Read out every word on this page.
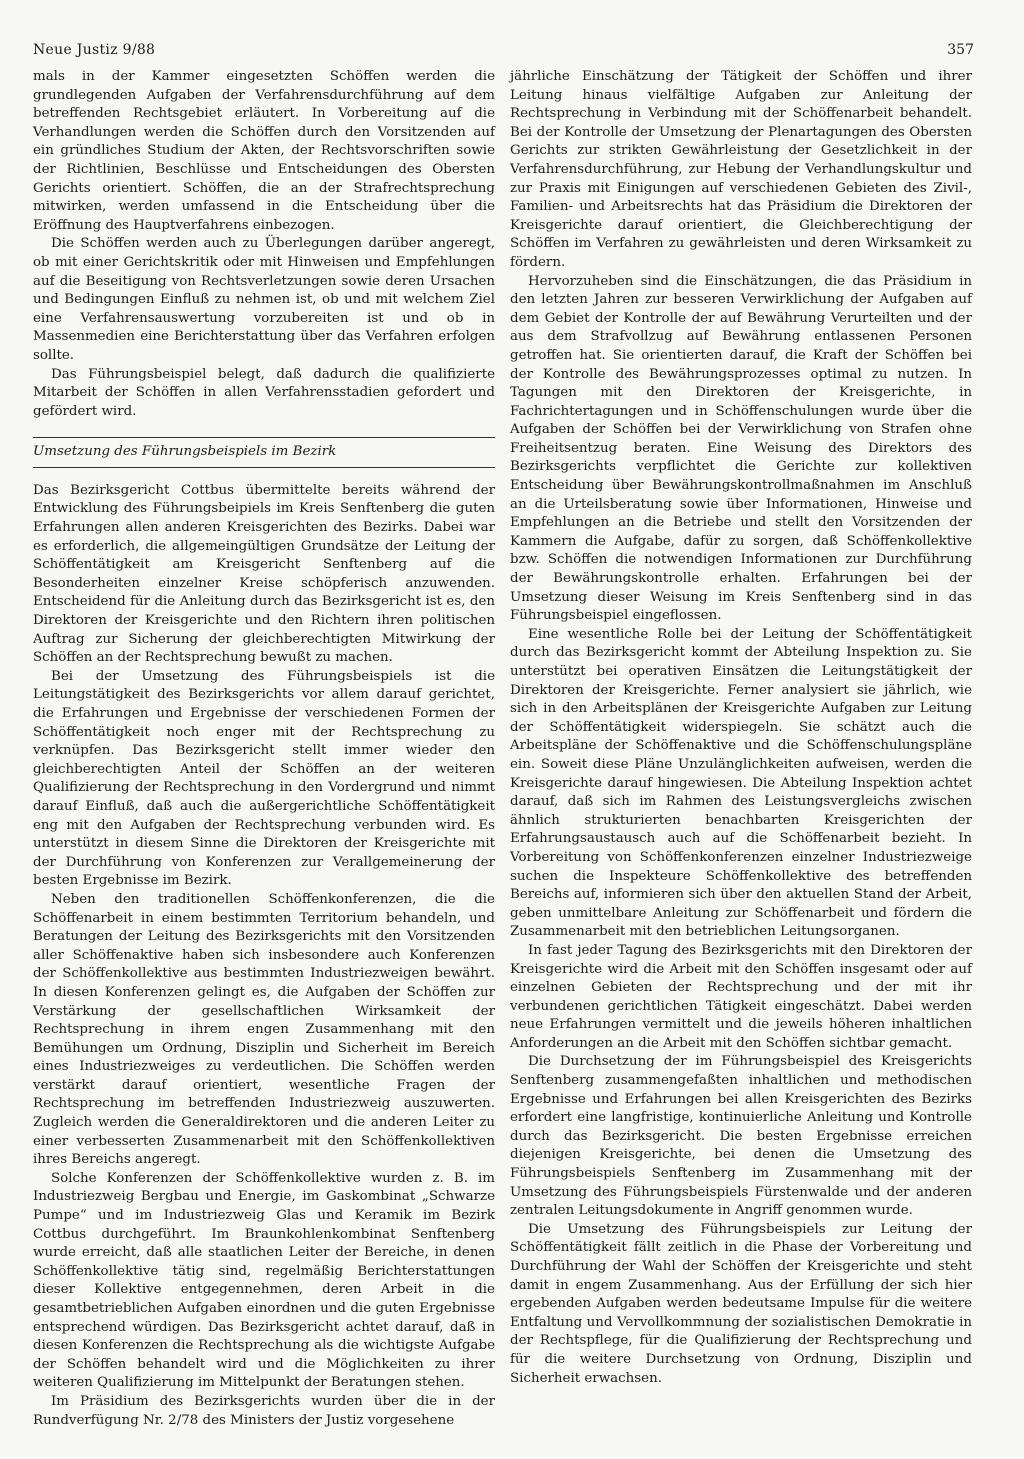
Neue Justiz 9/88	357

mals in der Kammer eingesetzten Schöffen werden die grundlegenden Aufgaben der Verfahrensdurchführung auf dem betreffenden Rechtsgebiet erläutert. In Vorbereitung auf die Verhandlungen werden die Schöffen durch den Vorsitzenden auf ein gründliches Studium der Akten, der Rechtsvorschriften sowie der Richtlinien, Beschlüsse und Entscheidungen des Obersten Gerichts orientiert. Schöffen, die an der Strafrechtsprechung mitwirken, werden umfassend in die Entscheidung über die Eröffnung des Hauptverfahrens einbezogen.

Die Schöffen werden auch zu Überlegungen darüber angeregt, ob mit einer Gerichtskritik oder mit Hinweisen und Empfehlungen auf die Beseitigung von Rechtsverletzungen sowie deren Ursachen und Bedingungen Einfluß zu nehmen ist, ob und mit welchem Ziel eine Verfahrensauswertung vorzubereiten ist und ob in Massenmedien eine Berichterstattung über das Verfahren erfolgen sollte.

Das Führungsbeispiel belegt, daß dadurch die qualifizierte Mitarbeit der Schöffen in allen Verfahrensstadien gefordert und gefördert wird.

Umsetzung des Führungsbeispiels im Bezirk

Das Bezirksgericht Cottbus übermittelte bereits während der Entwicklung des Führungsbeipiels im Kreis Senftenberg die guten Erfahrungen allen anderen Kreisgerichten des Bezirks. Dabei war es erforderlich, die allgemeingültigen Grundsätze der Leitung der Schöffentätigkeit am Kreisgericht Senftenberg auf die Besonderheiten einzelner Kreise schöpferisch anzuwenden. Entscheidend für die Anleitung durch das Bezirksgericht ist es, den Direktoren der Kreisgerichte und den Richtern ihren politischen Auftrag zur Sicherung der gleichberechtigten Mitwirkung der Schöffen an der Rechtsprechung bewußt zu machen.

Bei der Umsetzung des Führungsbeispiels ist die Leitungstätigkeit des Bezirksgerichts vor allem darauf gerichtet, die Erfahrungen und Ergebnisse der verschiedenen Formen der Schöffentätigkeit noch enger mit der Rechtsprechung zu verknüpfen. Das Bezirksgericht stellt immer wieder den gleichberechtigten Anteil der Schöffen an der weiteren Qualifizierung der Rechtsprechung in den Vordergrund und nimmt darauf Einfluß, daß auch die außergerichtliche Schöffentätigkeit eng mit den Aufgaben der Rechtsprechung verbunden wird. Es unterstützt in diesem Sinne die Direktoren der Kreisgerichte mit der Durchführung von Konferenzen zur Verallgemeinerung der besten Ergebnisse im Bezirk.

Neben den traditionellen Schöffenkonferenzen, die die Schöffenarbeit in einem bestimmten Territorium behandeln, und Beratungen der Leitung des Bezirksgerichts mit den Vorsitzenden aller Schöffenaktive haben sich insbesondere auch Konferenzen der Schöffenkollektive aus bestimmten Industriezweigen bewährt. In diesen Konferenzen gelingt es, die Aufgaben der Schöffen zur Verstärkung der gesellschaftlichen Wirksamkeit der Rechtsprechung in ihrem engen Zusammenhang mit den Bemühungen um Ordnung, Disziplin und Sicherheit im Bereich eines Industriezweiges zu verdeutlichen. Die Schöffen werden verstärkt darauf orientiert, wesentliche Fragen der Rechtsprechung im betreffenden Industriezweig auszuwerten. Zugleich werden die Generaldirektoren und die anderen Leiter zu einer verbesserten Zusammenarbeit mit den Schöffenkollektiven ihres Bereichs angeregt.

Solche Konferenzen der Schöffenkollektive wurden z. B. im Industriezweig Bergbau und Energie, im Gaskombinat „Schwarze Pumpe“ und im Industriezweig Glas und Keramik im Bezirk Cottbus durchgeführt. Im Braunkohlenkombinat Senftenberg wurde erreicht, daß alle staatlichen Leiter der Bereiche, in denen Schöffenkollektive tätig sind, regelmäßig Berichterstattungen dieser Kollektive entgegennehmen, deren Arbeit in die gesamtbetrieblichen Aufgaben einordnen und die guten Ergebnisse entsprechend würdigen. Das Bezirksgericht achtet darauf, daß in diesen Konferenzen die Rechtsprechung als die wichtigste Aufgabe der Schöffen behandelt wird und die Möglichkeiten zu ihrer weiteren Qualifizierung im Mittelpunkt der Beratungen stehen.

Im Präsidium des Bezirksgerichts wurden über die in der Rundverfügung Nr. 2/78 des Ministers der Justiz vorgesehene

jährliche Einschätzung der Tätigkeit der Schöffen und ihrer Leitung hinaus vielfältige Aufgaben zur Anleitung der Rechtsprechung in Verbindung mit der Schöffenarbeit behandelt. Bei der Kontrolle der Umsetzung der Plenartagungen des Obersten Gerichts zur strikten Gewährleistung der Gesetzlichkeit in der Verfahrensdurchführung, zur Hebung der Verhandlungskultur und zur Praxis mit Einigungen auf verschiedenen Gebieten des Zivil-, Familien- und Arbeitsrechts hat das Präsidium die Direktoren der Kreisgerichte darauf orientiert, die Gleichberechtigung der Schöffen im Verfahren zu gewährleisten und deren Wirksamkeit zu fördern.

Hervorzuheben sind die Einschätzungen, die das Präsidium in den letzten Jahren zur besseren Verwirklichung der Aufgaben auf dem Gebiet der Kontrolle der auf Bewährung Verurteilten und der aus dem Strafvollzug auf Bewährung entlassenen Personen getroffen hat. Sie orientierten darauf, die Kraft der Schöffen bei der Kontrolle des Bewährungsprozesses optimal zu nutzen. In Tagungen mit den Direktoren der Kreisgerichte, in Fachrichtertagungen und in Schöffenschulungen wurde über die Aufgaben der Schöffen bei der Verwirklichung von Strafen ohne Freiheitsentzug beraten. Eine Weisung des Direktors des Bezirksgerichts verpflichtet die Gerichte zur kollektiven Entscheidung über Bewährungskontrollmaßnahmen im Anschluß an die Urteilsberatung sowie über Informationen, Hinweise und Empfehlungen an die Betriebe und stellt den Vorsitzenden der Kammern die Aufgabe, dafür zu sorgen, daß Schöffenkollektive bzw. Schöffen die notwendigen Informationen zur Durchführung der Bewährungskontrolle erhalten. Erfahrungen bei der Umsetzung dieser Weisung im Kreis Senftenberg sind in das Führungsbeispiel eingeflossen.

Eine wesentliche Rolle bei der Leitung der Schöffentätigkeit durch das Bezirksgericht kommt der Abteilung Inspektion zu. Sie unterstützt bei operativen Einsätzen die Leitungstätigkeit der Direktoren der Kreisgerichte. Ferner analysiert sie jährlich, wie sich in den Arbeitsplänen der Kreisgerichte Aufgaben zur Leitung der Schöffentätigkeit widerspiegeln. Sie schätzt auch die Arbeitspläne der Schöffenaktive und die Schöffenschulungspläne ein. Soweit diese Pläne Unzulänglichkeiten aufweisen, werden die Kreisgerichte darauf hingewiesen. Die Abteilung Inspektion achtet darauf, daß sich im Rahmen des Leistungsvergleichs zwischen ähnlich strukturierten benachbarten Kreisgerichten der Erfahrungsaustausch auch auf die Schöffenarbeit bezieht. In Vorbereitung von Schöffenkonferenzen einzelner Industriezweige suchen die Inspekteure Schöffenkollektive des betreffenden Bereichs auf, informieren sich über den aktuellen Stand der Arbeit, geben unmittelbare Anleitung zur Schöffenarbeit und fördern die Zusammenarbeit mit den betrieblichen Leitungsorganen.

In fast jeder Tagung des Bezirksgerichts mit den Direktoren der Kreisgerichte wird die Arbeit mit den Schöffen insgesamt oder auf einzelnen Gebieten der Rechtsprechung und der mit ihr verbundenen gerichtlichen Tätigkeit eingeschätzt. Dabei werden neue Erfahrungen vermittelt und die jeweils höheren inhaltlichen Anforderungen an die Arbeit mit den Schöffen sichtbar gemacht.

Die Durchsetzung der im Führungsbeispiel des Kreisgerichts Senftenberg zusammengefaßten inhaltlichen und methodischen Ergebnisse und Erfahrungen bei allen Kreisgerichten des Bezirks erfordert eine langfristige, kontinuierliche Anleitung und Kontrolle durch das Bezirksgericht. Die besten Ergebnisse erreichen diejenigen Kreisgerichte, bei denen die Umsetzung des Führungsbeispiels Senftenberg im Zusammenhang mit der Umsetzung des Führungsbeispiels Fürstenwalde und der anderen zentralen Leitungsdokumente in Angriff genommen wurde.

Die Umsetzung des Führungsbeispiels zur Leitung der Schöffentätigkeit fällt zeitlich in die Phase der Vorbereitung und Durchführung der Wahl der Schöffen der Kreisgerichte und steht damit in engem Zusammenhang. Aus der Erfüllung der sich hier ergebenden Aufgaben werden bedeutsame Impulse für die weitere Entfaltung und Vervollkommnung der sozialistischen Demokratie in der Rechtspflege, für die Qualifizierung der Rechtsprechung und für die weitere Durchsetzung von Ordnung, Disziplin und Sicherheit erwachsen.
